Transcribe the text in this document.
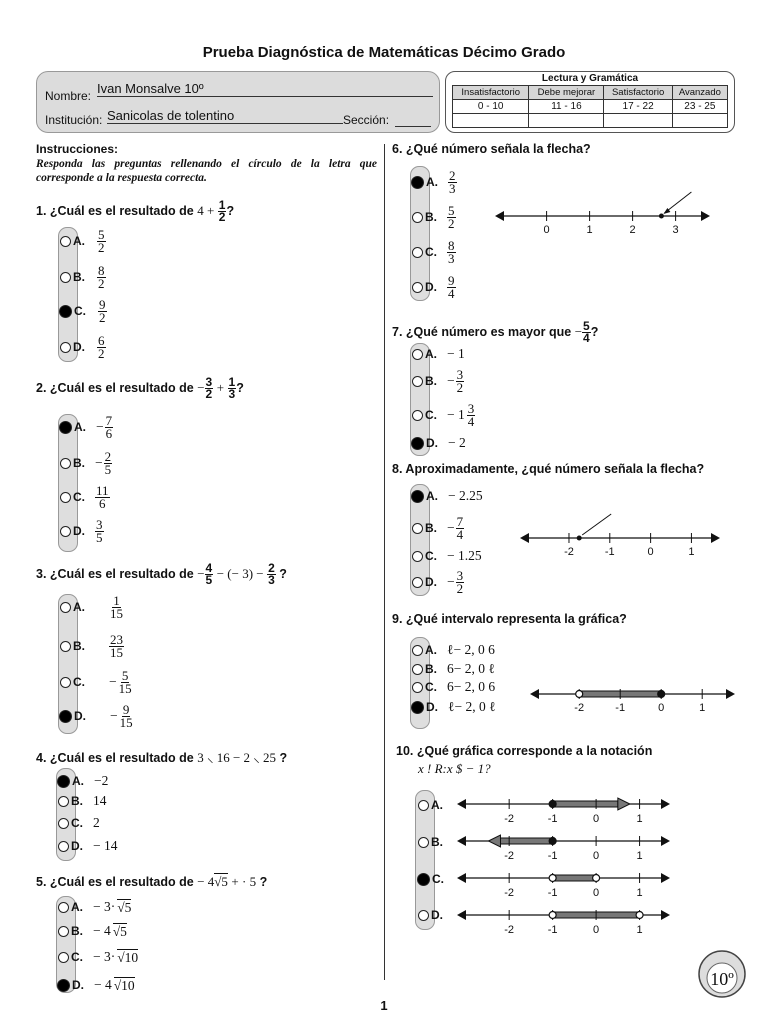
Prueba Diagnóstica de Matemáticas Décimo Grado
Nombre: Ivan Monsalve 10º
Institución: Sanicolas de tolentino	Sección:
Lectura y Gramática
Insatisfactorio	Debe mejorar	Satisfactorio	Avanzado
0 - 10	11 - 16	17 - 22	23 - 25

Instrucciones:
Responda las preguntas rellenando el círculo de la letra que corresponde a la respuesta correcta.
1. ¿Cuál es el resultado de $4 + \frac{1}{2}$ ?
2. ¿Cuál es el resultado de − $\frac{3}{2} + \frac{1}{3}$ ?
3. ¿Cuál es el resultado de − $\frac{4}{5}$ − (− $3) - \frac{2}{3}$ ?
4. ¿Cuál es el resultado de 3 ⸜ 16 − 2 ⸜ 25 ?
5. ¿Cuál es el resultado de − 4√5 + · 5 ?
6. ¿Qué número señala la flecha?
0	1	2	3
7. ¿Qué número es mayor que − $\frac{5}{4}$ ?
8. Aproximadamente, ¿qué número señala la flecha?
-2	-1	0	1
9. ¿Qué intervalo representa la gráfica?
-2	-1	0	1
10. ¿Qué gráfica corresponde a la notación
x ! R:x $ − 1?
-2	-1	0	1
-2	-1	0	1
-2	-1	0	1
-2	-1	0	1
A. $\frac{5}{2}$
B. $\frac{8}{2}$
C. $\frac{9}{2}$
D. $\frac{6}{2}$
A. − $\frac{7}{6}$
B. − $\frac{2}{5}$
C. $\frac{11}{6}$
D. $\frac{3}{5}$
A.	$\frac{1}{15}$
B.	$\frac{23}{15}$
C.	− $\frac{5}{15}$
D.	− $\frac{9}{15}$
A. −2
B. 14
C. 2
D. − 14
A. − 3· √5
B. − 4 √5
C. − 3· √10
D. − 4 √10
A. $\frac{2}{3}$
B. $\frac{5}{2}$
C. $\frac{8}{3}$
D. $\frac{9}{4}$
A. − 1
B. − $\frac{3}{2}$
C. − $1 \frac{3}{4}$
D. − 2
A. − 2.25
B. − $\frac{7}{4}$
C. − 1.25
D. − $\frac{3}{2}$
A. ℓ− 2, 0 6
B. 6− 2, 0 ℓ
C. 6− 2, 0 6
D. ℓ− 2, 0 ℓ
A.
B.
C.
D.
1
10º
